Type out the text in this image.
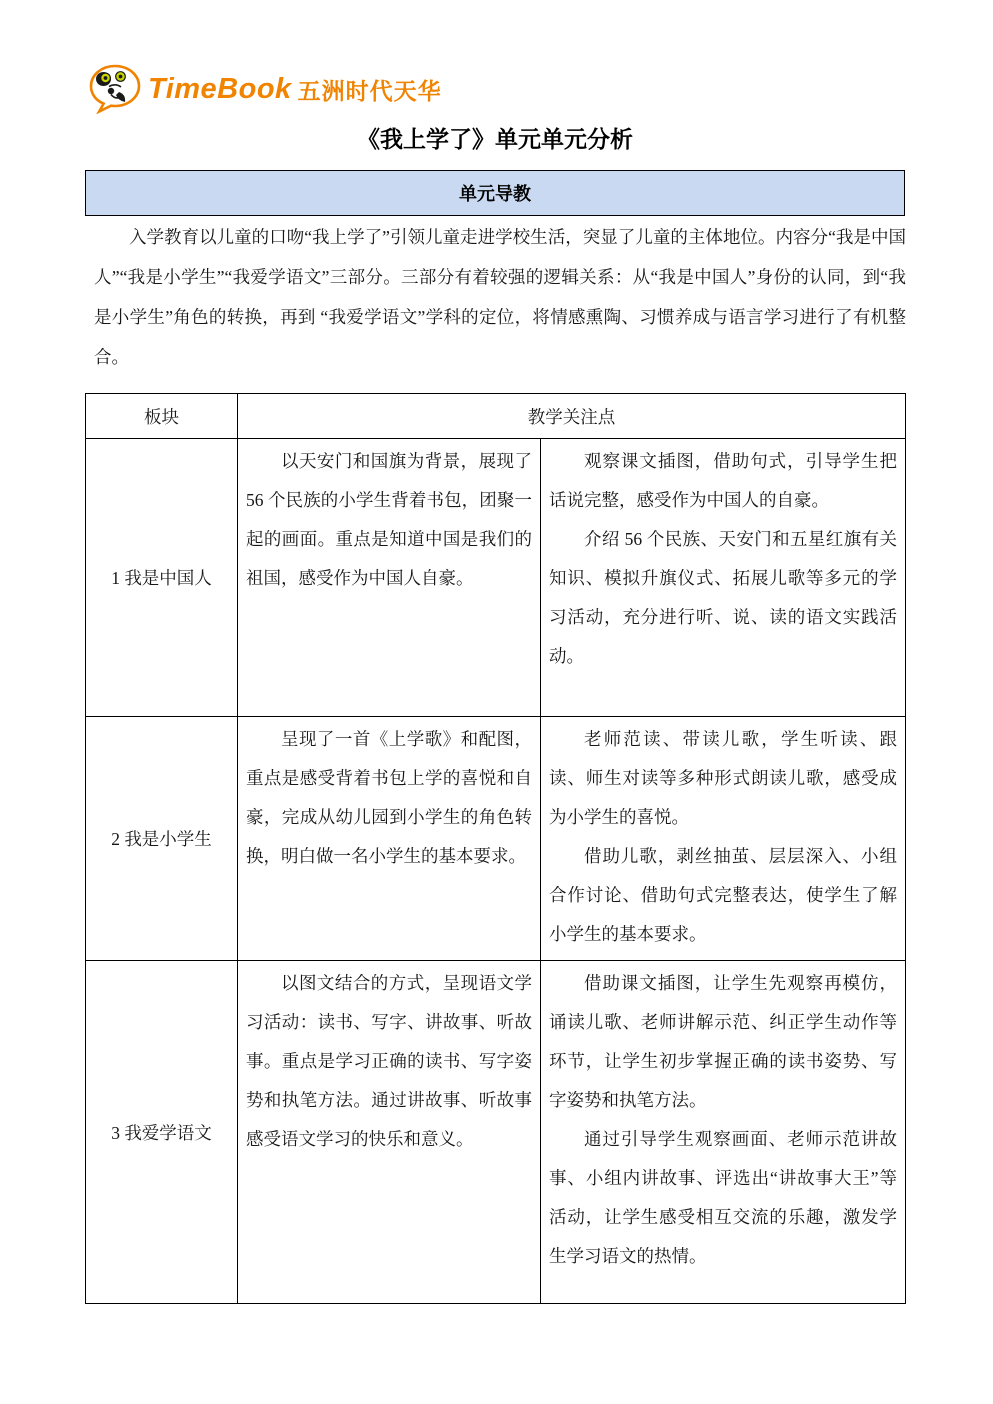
TimeBook 五洲时代天华
《我上学了》单元单元分析
单元导教

入学教育以儿童的口吻“我上学了”引领儿童走进学校生活，突显了儿童的主体地位。内容分“我是中国人”“我是小学生”“我爱学语文”三部分。三部分有着较强的逻辑关系：从“我是中国人”身份的认同，到“我是小学生”角色的转换，再到 “我爱学语文”学科的定位，将情感熏陶、习惯养成与语言学习进行了有机整合。

板块	教学关注点	
1 我是中国人	以天安门和国旗为背景，展现了 56 个民族的小学生背着书包，团聚一起的画面。重点是知道中国是我们的祖国，感受作为中国人自豪。	观察课文插图，借助句式，引导学生把话说完整，感受作为中国人的自豪。

介绍 56 个民族、天安门和五星红旗有关知识、模拟升旗仪式、拓展儿歌等多元的学习活动，充分进行听、说、读的语文实践活动。

2 我是小学生	呈现了一首《上学歌》和配图，重点是感受背着书包上学的喜悦和自豪，完成从幼儿园到小学生的角色转换，明白做一名小学生的基本要求。	老师范读、带读儿歌，学生听读、跟读、师生对读等多种形式朗读儿歌，感受成为小学生的喜悦。

借助儿歌，剥丝抽茧、层层深入、小组合作讨论、借助句式完整表达，使学生了解小学生的基本要求。

3 我爱学语文	以图文结合的方式，呈现语文学习活动：读书、写字、讲故事、听故事。重点是学习正确的读书、写字姿势和执笔方法。通过讲故事、听故事感受语文学习的快乐和意义。	借助课文插图，让学生先观察再模仿，诵读儿歌、老师讲解示范、纠正学生动作等环节，让学生初步掌握正确的读书姿势、写字姿势和执笔方法。

通过引导学生观察画面、老师示范讲故事、小组内讲故事、评选出“讲故事大王”等活动，让学生感受相互交流的乐趣，激发学生学习语文的热情。
